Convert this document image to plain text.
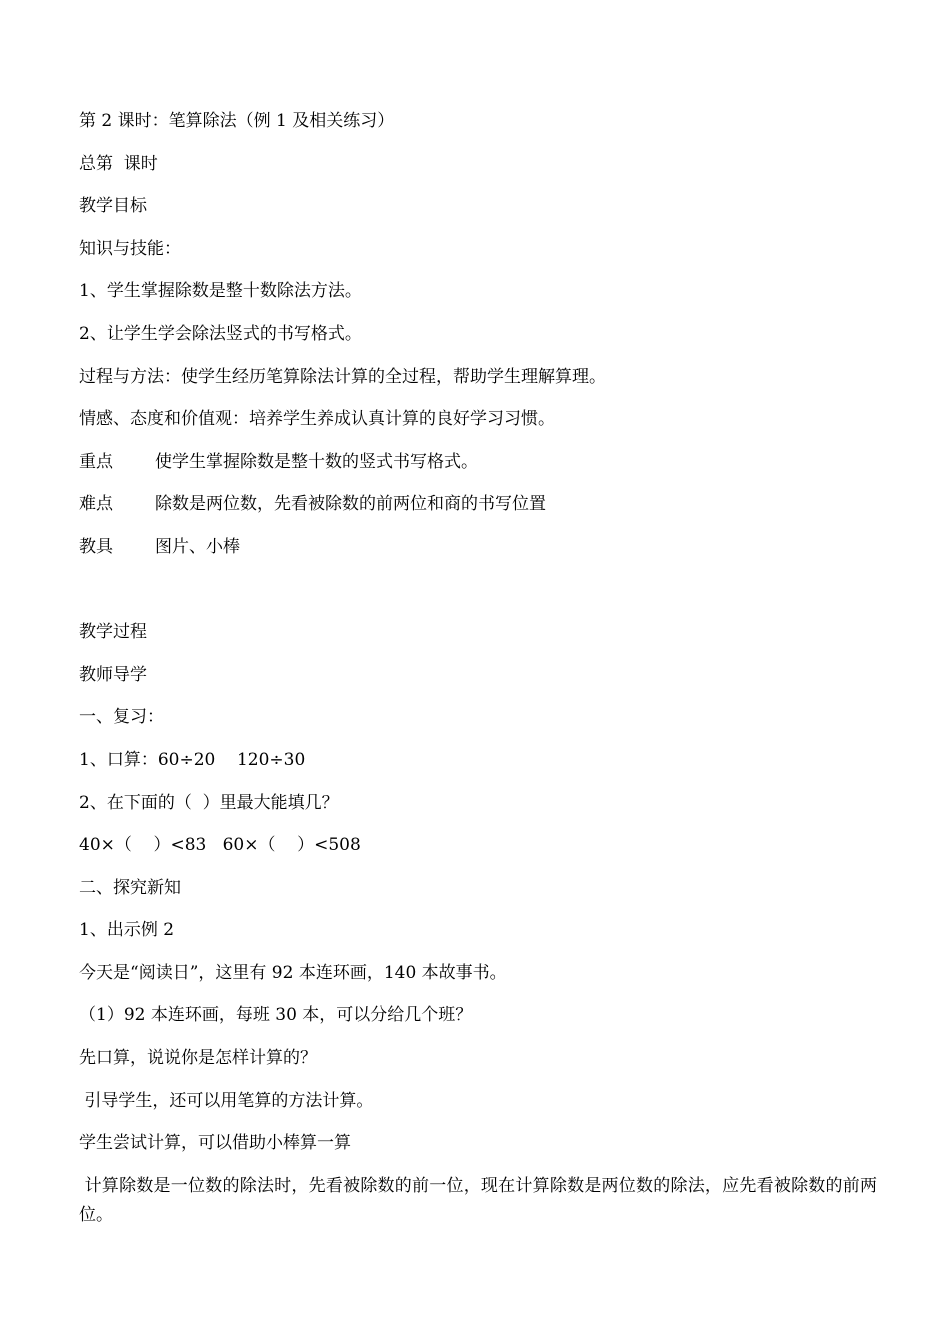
第 2 课时：笔算除法（例 1 及相关练习）
总第  课时
教学目标
知识与技能：
1、学生掌握除数是整十数除法方法。
2、让学生学会除法竖式的书写格式。
过程与方法：使学生经历笔算除法计算的全过程，帮助学生理解算理。
情感、态度和价值观：培养学生养成认真计算的良好学习习惯。
重点 使学生掌握除数是整十数的竖式书写格式。
难点 除数是两位数，先看被除数的前两位和商的书写位置
教具 图片、小棒
教学过程
教师导学
一、复习：
1、口算：60÷20    120÷30
2、在下面的（  ）里最大能填几？
40×（    ）<83   60×（    ）<508
二、探究新知
1、出示例 2
今天是“阅读日”，这里有 92 本连环画，140 本故事书。
（1）92 本连环画，每班 30 本，可以分给几个班？
先口算，说说你是怎样计算的？
引导学生，还可以用笔算的方法计算。
学生尝试计算，可以借助小棒算一算
计算除数是一位数的除法时，先看被除数的前一位，现在计算除数是两位数的除法，应先看被除数的前两位。
